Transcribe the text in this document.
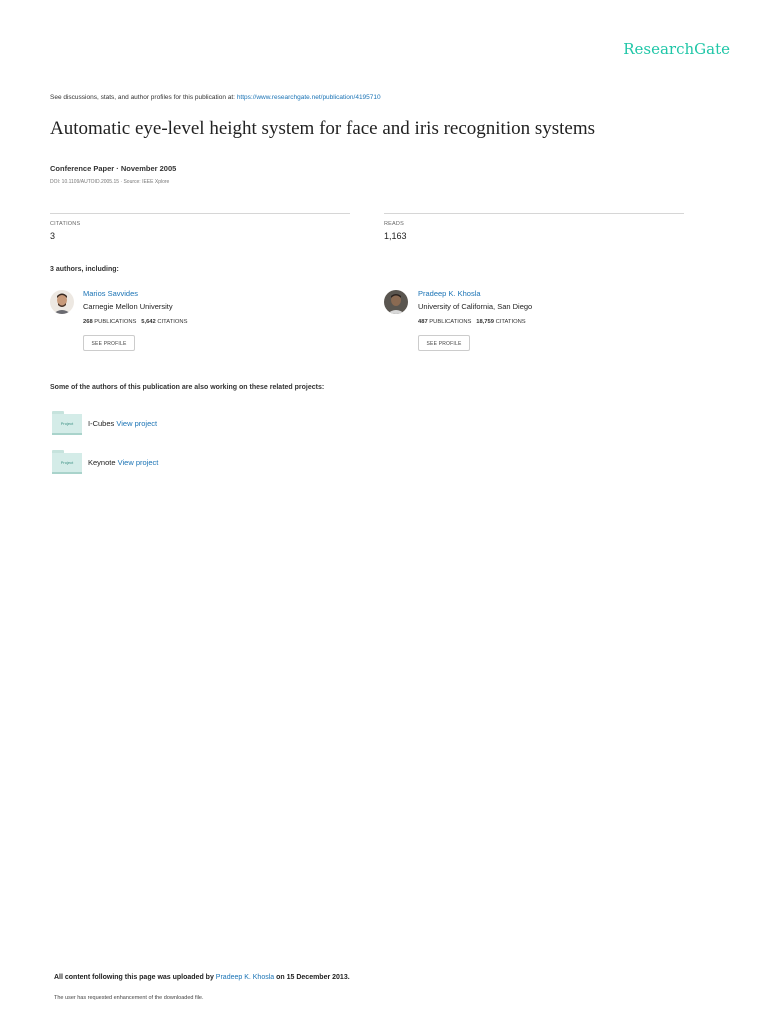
ResearchGate
See discussions, stats, and author profiles for this publication at: https://www.researchgate.net/publication/4195710
Automatic eye-level height system for face and iris recognition systems
Conference Paper · November 2005
DOI: 10.1109/AUTOID.2005.15 · Source: IEEE Xplore
CITATIONS
3
READS
1,163
3 authors, including:
Marios Savvides
Carnegie Mellon University
268 PUBLICATIONS 5,642 CITATIONS
SEE PROFILE
Pradeep K. Khosla
University of California, San Diego
487 PUBLICATIONS 18,759 CITATIONS
SEE PROFILE
Some of the authors of this publication are also working on these related projects:
Project	I-Cubes View project
Project	Keynote View project
All content following this page was uploaded by Pradeep K. Khosla on 15 December 2013.
The user has requested enhancement of the downloaded file.
